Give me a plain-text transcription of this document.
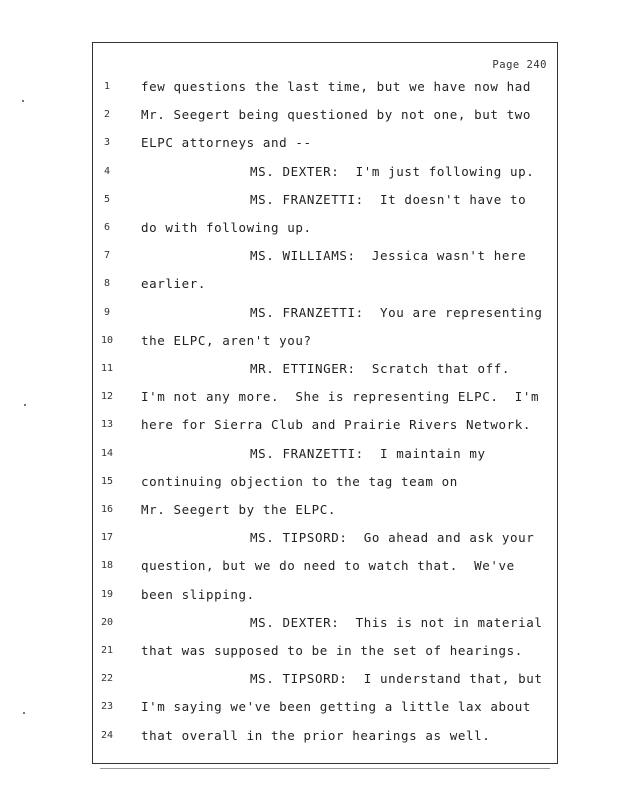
Page 240
1	few questions the last time, but we have now had
2	Mr. Seegert being questioned by not one, but two
3	ELPC attorneys and --
4	MS. DEXTER:  I'm just following up.
5	MS. FRANZETTI:  It doesn't have to
6	do with following up.
7	MS. WILLIAMS:  Jessica wasn't here
8	earlier.
9	MS. FRANZETTI:  You are representing
10	the ELPC, aren't you?
11	MR. ETTINGER:  Scratch that off.
12	I'm not any more.  She is representing ELPC.  I'm
13	here for Sierra Club and Prairie Rivers Network.
14	MS. FRANZETTI:  I maintain my
15	continuing objection to the tag team on
16	Mr. Seegert by the ELPC.
17	MS. TIPSORD:  Go ahead and ask your
18	question, but we do need to watch that.  We've
19	been slipping.
20	MS. DEXTER:  This is not in material
21	that was supposed to be in the set of hearings.
22	MS. TIPSORD:  I understand that, but
23	I'm saying we've been getting a little lax about
24	that overall in the prior hearings as well.
